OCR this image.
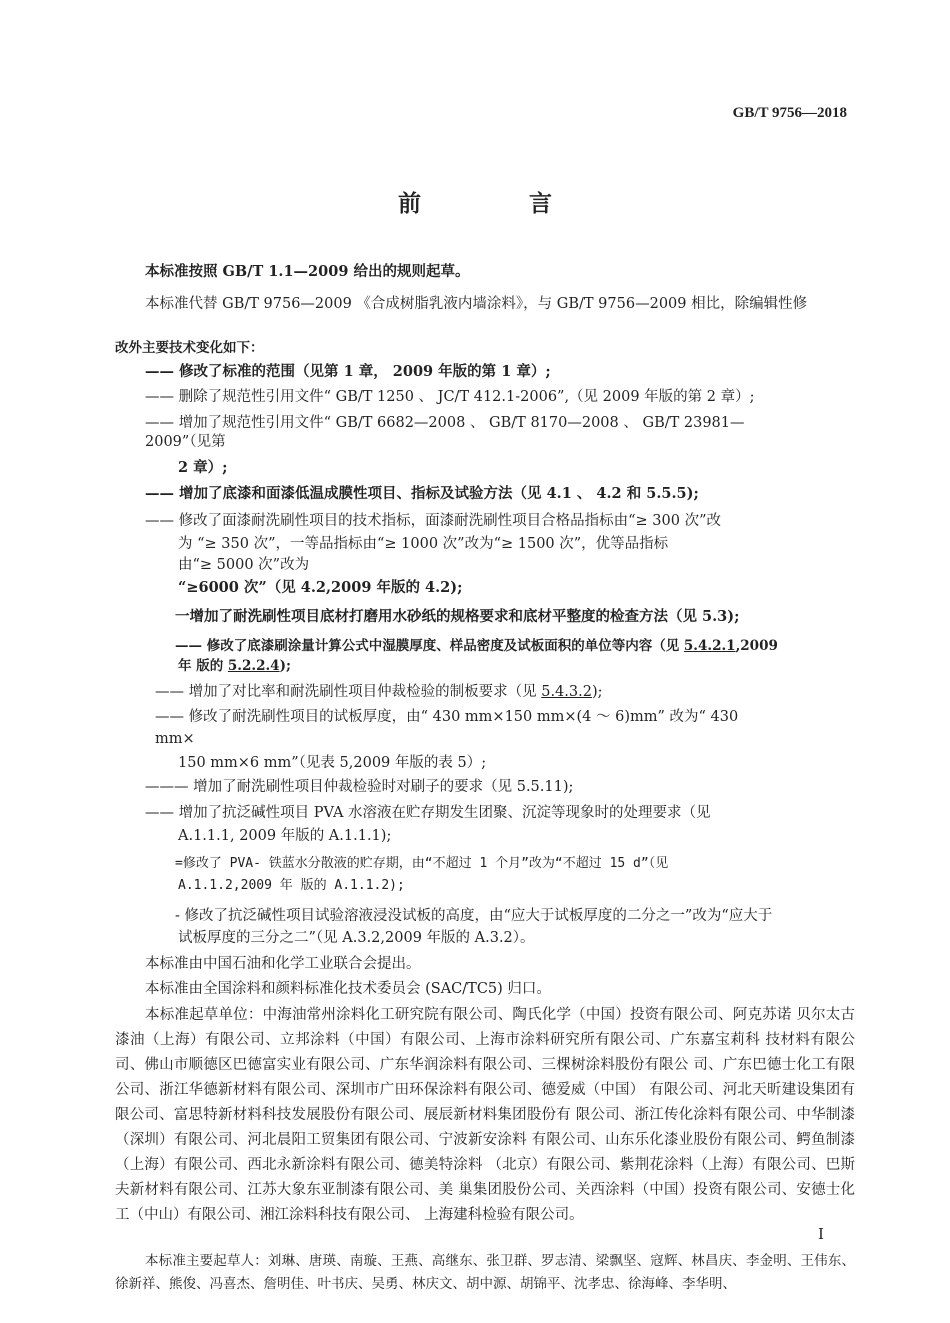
GB/T 9756—2018
前 言
本标准按照 GB/T 1.1—2009 给出的规则起草。
本标准代替 GB/T 9756—2009 《合成树脂乳液内墙涂料》，与 GB/T 9756—2009 相比，除编辑性修
改外主要技术变化如下：
—— 修改了标准的范围（见第 1 章， 2009 年版的第 1 章）;
—— 删除了规范性引用文件“ GB/T 1250 、 JC/T 412.1-2006”,（见 2009 年版的第 2 章）;
—— 增加了规范性引用文件“ GB/T 6682—2008 、 GB/T 8170—2008 、 GB/T 23981—
2009”（见第
2 章）;
—— 增加了底漆和面漆低温成膜性项目、指标及试验方法（见 4.1 、 4.2 和 5.5.5);
—— 修改了面漆耐洗刷性项目的技术指标，面漆耐洗刷性项目合格品指标由“≥ 300 次”改
为 “≥ 350 次”，一等品指标由“≥ 1000 次”改为“≥ 1500 次”，优等品指标
由“≥ 5000 次”改为
“≥6000 次”（见 4.2,2009 年版的 4.2);
一增加了耐洗刷性项目底材打磨用水砂纸的规格要求和底材平整度的检查方法（见 5.3);
—— 修改了底漆刷涂量计算公式中湿膜厚度、样品密度及试板面积的单位等内容（见 5.4.2.1,2009
年 版的 5.2.2.4);
—— 增加了对比率和耐洗刷性项目仲裁检验的制板要求（见 5.4.3.2);
—— 修改了耐洗刷性项目的试板厚度，由“ 430 mm×150 mm×(4 ～ 6)mm” 改为“ 430
mm×
150 mm×6 mm”（见表 5,2009 年版的表 5）;
——— 增加了耐洗刷性项目仲裁检验时对刷子的要求（见 5.5.11);
—— 增加了抗泛碱性项目 PVA 水溶液在贮存期发生团聚、沉淀等现象时的处理要求（见
A.1.1.1, 2009 年版的 A.1.1.1);
=修改了 PVA- 铁蓝水分散液的贮存期，由“不超过 1 个月”改为“不超过 15 d”（见
A.1.1.2,2009 年 版的 A.1.1.2);
- 修改了抗泛碱性项目试验溶液浸没试板的高度，由“应大于试板厚度的二分之一”改为“应大于
试板厚度的三分之二”（见 A.3.2,2009 年版的 A.3.2）。
本标准由中国石油和化学工业联合会提出。
本标准由全国涂料和颜料标准化技术委员会 (SAC/TC5) 归口。

本标准起草单位：中海油常州涂料化工研究院有限公司、陶氏化学（中国）投资有限公司、阿克苏诺 贝尔太古漆油（上海）有限公司、立邦涂料（中国）有限公司、上海市涂料研究所有限公司、广东嘉宝莉科 技材料有限公司、佛山市顺德区巴德富实业有限公司、广东华润涂料有限公司、三棵树涂料股份有限公 司、广东巴德士化工有限公司、浙江华德新材料有限公司、深圳市广田环保涂料有限公司、德爱威（中国） 有限公司、河北天昕建设集团有限公司、富思特新材料科技发展股份有限公司、展辰新材料集团股份有 限公司、浙江传化涂料有限公司、中华制漆（深圳）有限公司、河北晨阳工贸集团有限公司、宁波新安涂料 有限公司、山东乐化漆业股份有限公司、鳄鱼制漆（上海）有限公司、西北永新涂料有限公司、德美特涂料 （北京）有限公司、紫荆花涂料（上海）有限公司、巴斯夫新材料有限公司、江苏大象东亚制漆有限公司、美 巢集团股份公司、关西涂料（中国）投资有限公司、安德士化工（中山）有限公司、湘江涂料科技有限公司、 上海建科检验有限公司。

I

本标准主要起草人：刘琳、唐瑛、南璇、王燕、高继东、张卫群、罗志清、梁飘坚、寇辉、林昌庆、李金明、王伟东、徐新祥、熊俊、冯喜杰、詹明佳、叶书庆、吴勇、林庆文、胡中源、胡锦平、沈孝忠、徐海峰、李华明、
